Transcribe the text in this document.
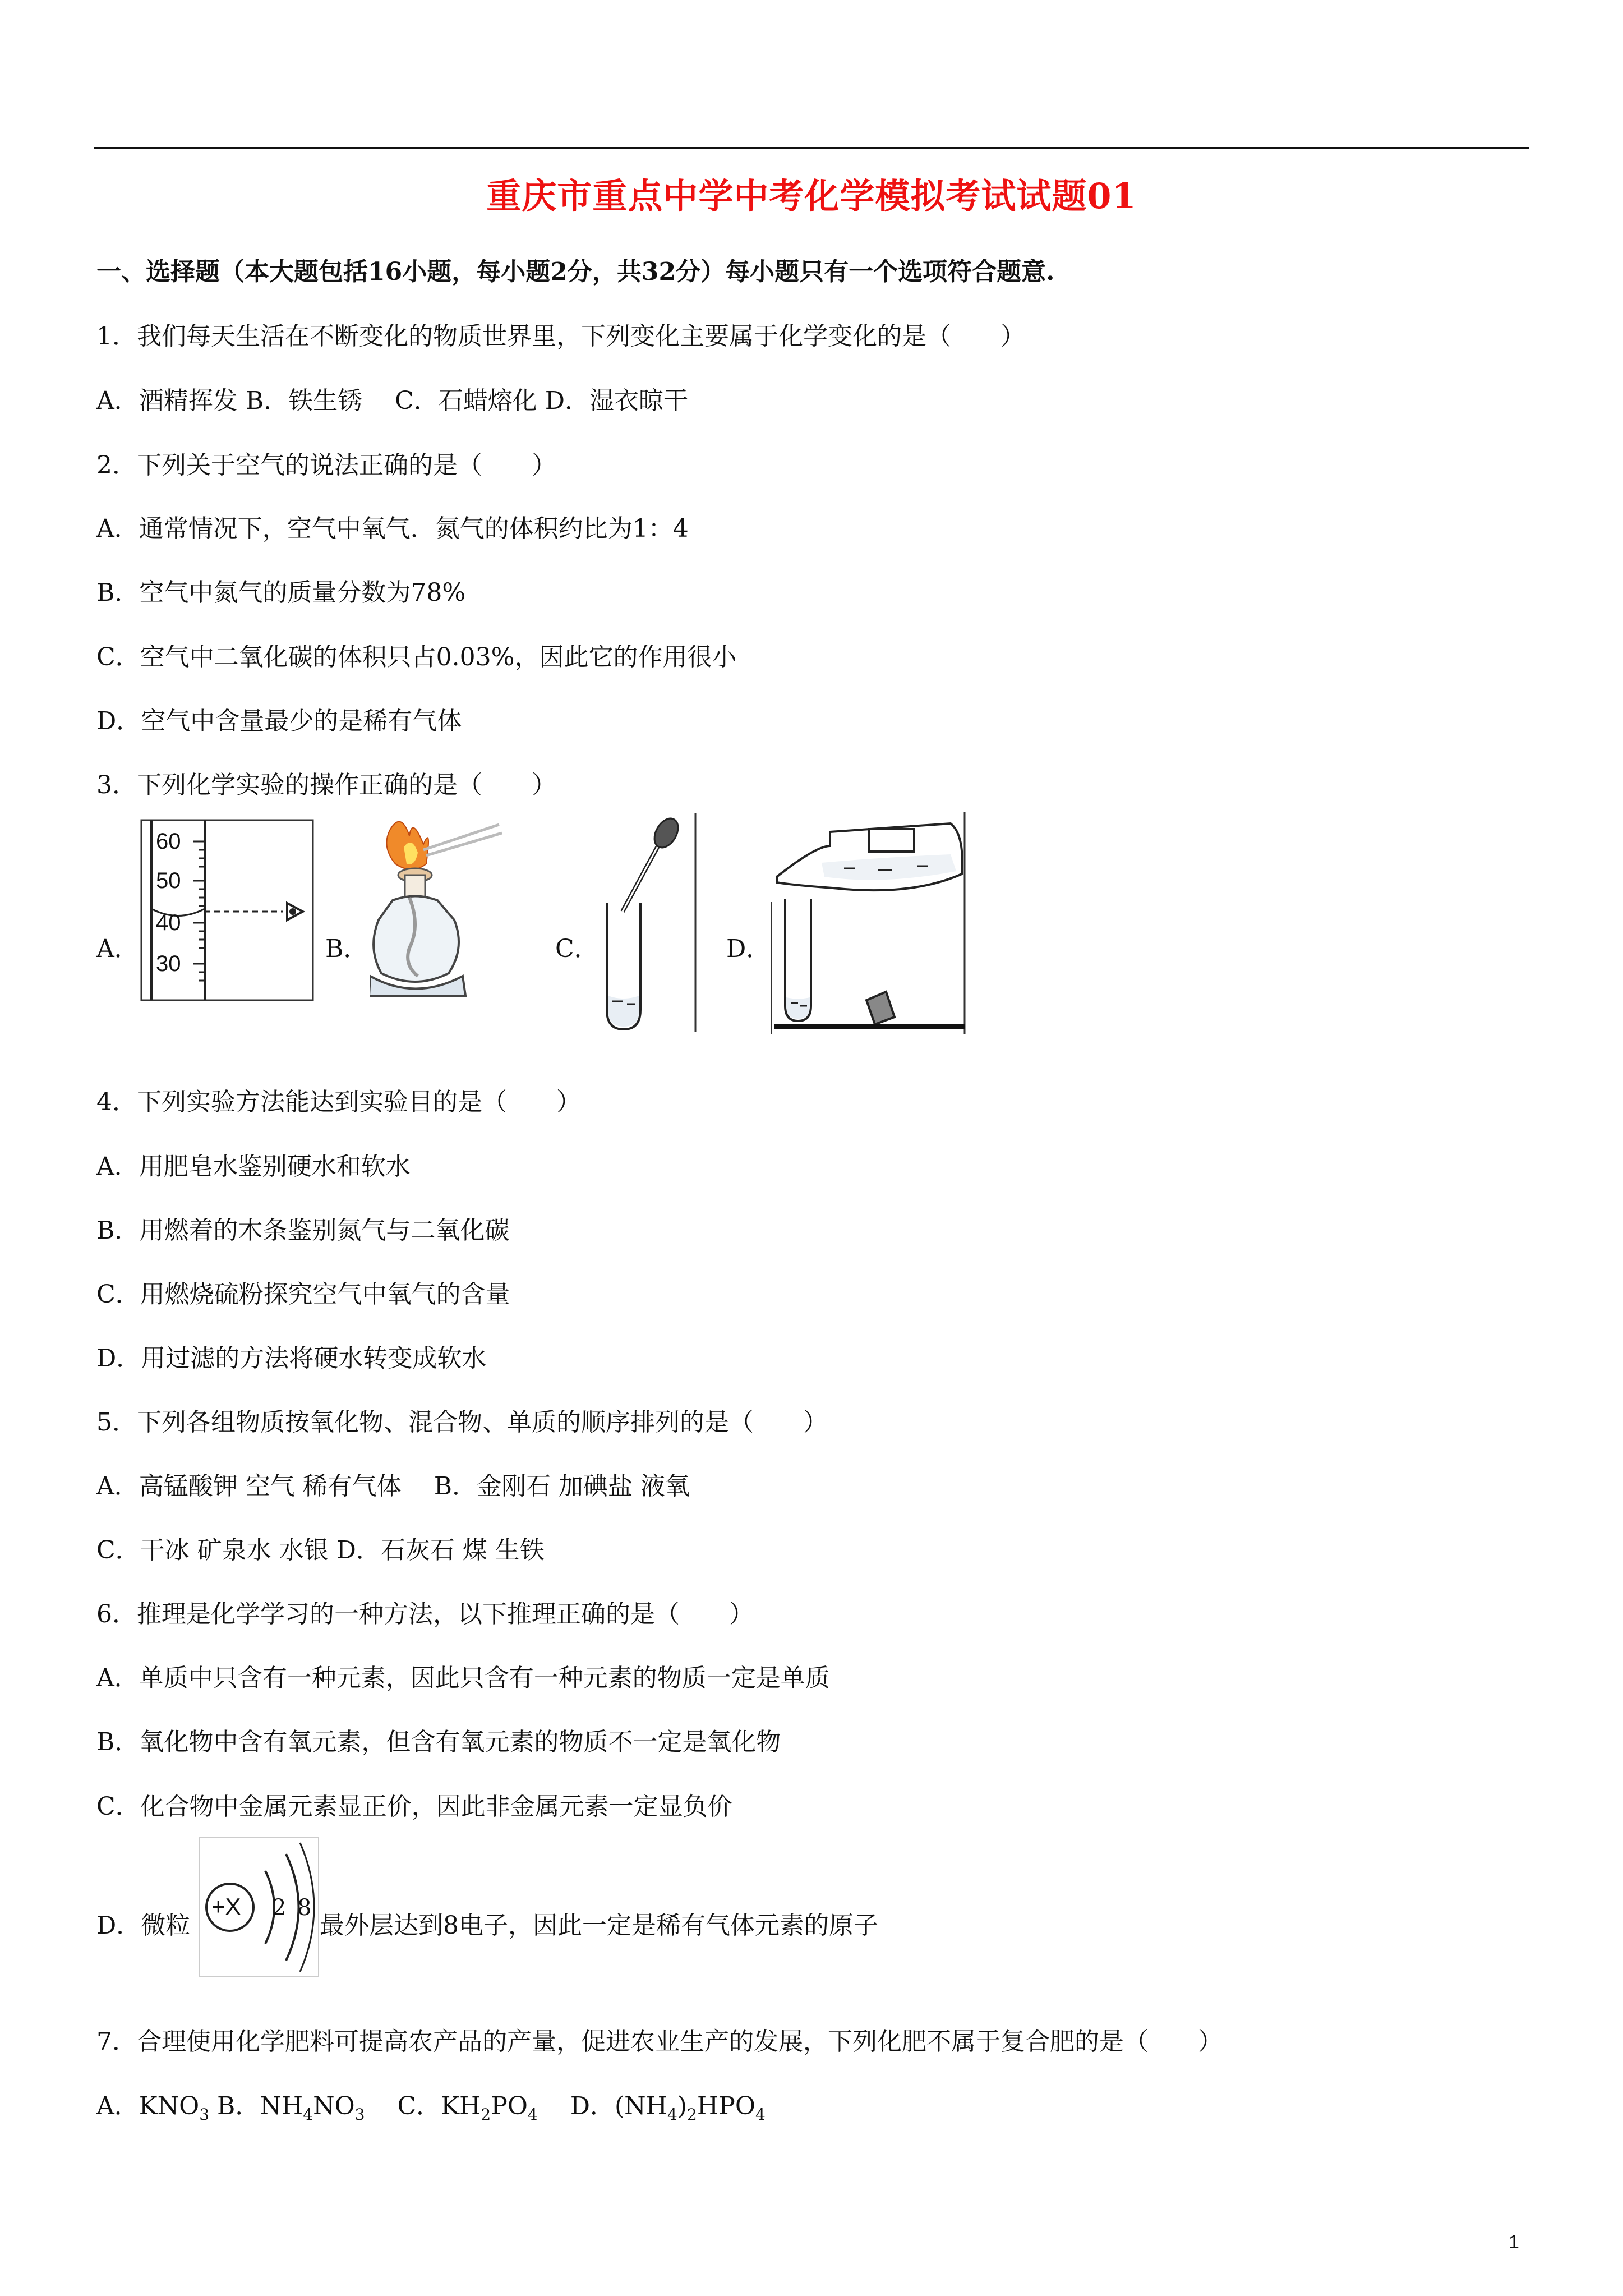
重庆市重点中学中考化学模拟考试试题01
一、选择题（本大题包括16小题，每小题2分，共32分）每小题只有一个选项符合题意.
1．我们每天生活在不断变化的物质世界里，下列变化主要属于化学变化的是（　　）
A．酒精挥发 B．铁生锈　 C．石蜡熔化 D．湿衣晾干
2．下列关于空气的说法正确的是（　　）
A．通常情况下，空气中氧气．氮气的体积约比为1：4
B．空气中氮气的质量分数为78%
C．空气中二氧化碳的体积只占0.03%，因此它的作用很小
D．空气中含量最少的是稀有气体
3．下列化学实验的操作正确的是（　　）
A．
60
50
40
30
B．	C．	D．
4．下列实验方法能达到实验目的是（　　）
A．用肥皂水鉴别硬水和软水
B．用燃着的木条鉴别氮气与二氧化碳
C．用燃烧硫粉探究空气中氧气的含量
D．用过滤的方法将硬水转变成软水
5．下列各组物质按氧化物、混合物、单质的顺序排列的是（　　）
A．高锰酸钾 空气 稀有气体　 B．金刚石 加碘盐 液氧
C．干冰 矿泉水 水银 D．石灰石 煤 生铁
6．推理是化学学习的一种方法，以下推理正确的是（　　）
A．单质中只含有一种元素，因此只含有一种元素的物质一定是单质
B．氧化物中含有氧元素，但含有氧元素的物质不一定是氧化物
C．化合物中金属元素显正价，因此非金属元素一定显负价
D．微粒
+X 2 8
最外层达到8电子，因此一定是稀有气体元素的原子
7．合理使用化学肥料可提高农产品的产量，促进农业生产的发展，下列化肥不属于复合肥的是（　　）
A．$KNO_3$ B．$NH_4NO_3$　 C．$KH_2PO_4$　 D．$(NH_4)_2HPO_4$
1
